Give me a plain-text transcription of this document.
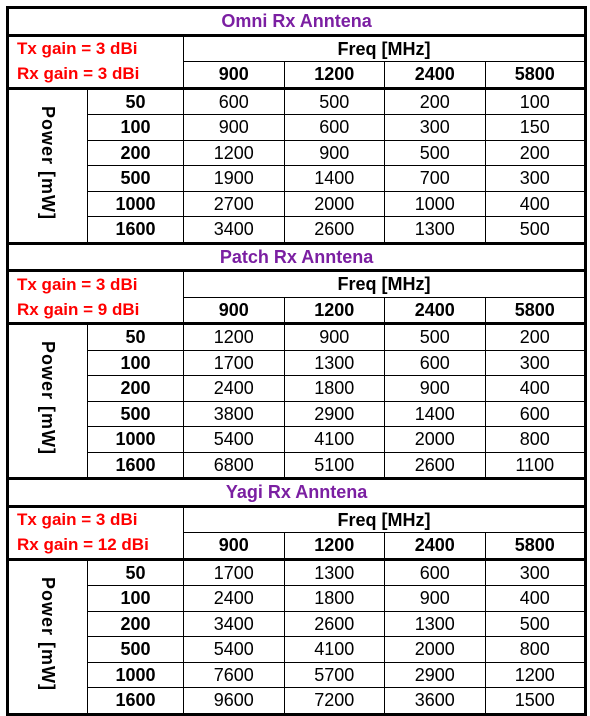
Omni Rx Anntena					
Tx gain = 3 dBi		Freq [MHz]			
Rx gain = 3 dBi		900	1200	2400	5800
Power [mW]	50	600	500	200	100
	100	900	600	300	150
	200	1200	900	500	200
	500	1900	1400	700	300
	1000	2700	2000	1000	400
	1600	3400	2600	1300	500
Patch Rx Anntena					
Tx gain = 3 dBi		Freq [MHz]			
Rx gain = 9 dBi		900	1200	2400	5800
Power [mW]	50	1200	900	500	200
	100	1700	1300	600	300
	200	2400	1800	900	400
	500	3800	2900	1400	600
	1000	5400	4100	2000	800
	1600	6800	5100	2600	1100
Yagi Rx Anntena					
Tx gain = 3 dBi		Freq [MHz]			
Rx gain = 12 dBi		900	1200	2400	5800
Power [mW]	50	1700	1300	600	300
	100	2400	1800	900	400
	200	3400	2600	1300	500
	500	5400	4100	2000	800
	1000	7600	5700	2900	1200
	1600	9600	7200	3600	1500
